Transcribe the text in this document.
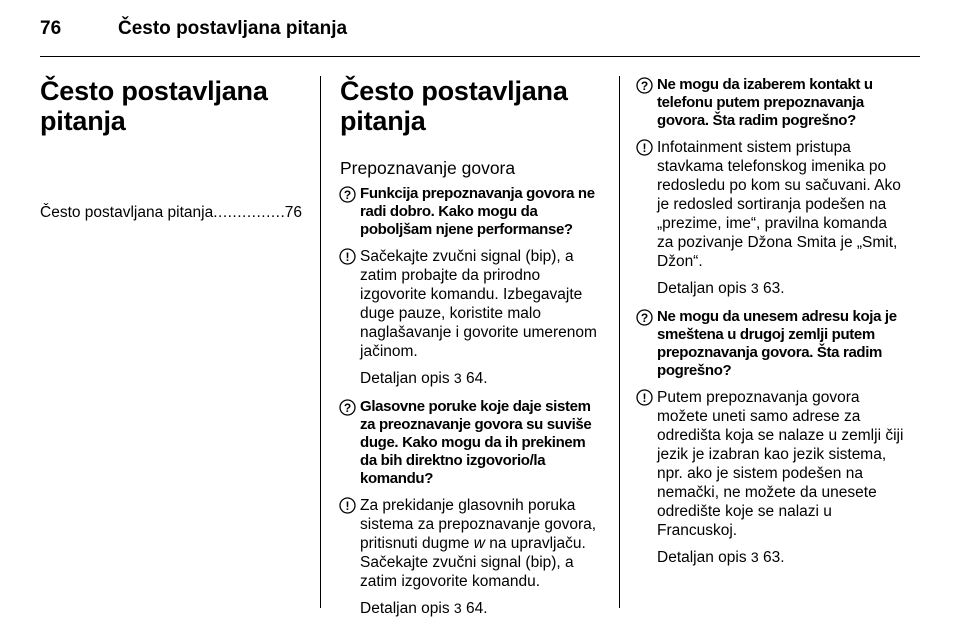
76	Često postavljana pitanja
Često postavljana pitanja
Često postavljana pitanja
.....	76
Često postavljana pitanja
Prepoznavanje govora
? Funkcija prepoznavanja govora ne radi dobro. Kako mogu da poboljšam njene performanse?
! Sačekajte zvučni signal (bip), a zatim probajte da prirodno izgovorite komandu. Izbegavajte duge pauze, koristite malo naglašavanje i govorite umerenom jačinom.
Detaljan opis 3 64.
? Glasovne poruke koje daje sistem za preoznavanje govora su suviše duge. Kako mogu da ih prekinem da bih direktno izgovorio/la komandu?
! Za prekidanje glasovnih poruka sistema za prepoznavanje govora, pritisnuti dugme w na upravljaču. Sačekajte zvučni signal (bip), a zatim izgovorite komandu.
Detaljan opis 3 64.
? Ne mogu da izaberem kontakt u telefonu putem prepoznavanja govora. Šta radim pogrešno?
! Infotainment sistem pristupa stavkama telefonskog imenika po redosledu po kom su sačuvani. Ako je redosled sortiranja podešen na „prezime, ime“, pravilna komanda za pozivanje Džona Smita je „Smit, Džon“.
Detaljan opis 3 63.
? Ne mogu da unesem adresu koja je smeštena u drugoj zemlji putem prepoznavanja govora. Šta radim pogrešno?
! Putem prepoznavanja govora možete uneti samo adrese za odredišta koja se nalaze u zemlji čiji jezik je izabran kao jezik sistema, npr. ako je sistem podešen na nemački, ne možete da unesete odredište koje se nalazi u Francuskoj.
Detaljan opis 3 63.
